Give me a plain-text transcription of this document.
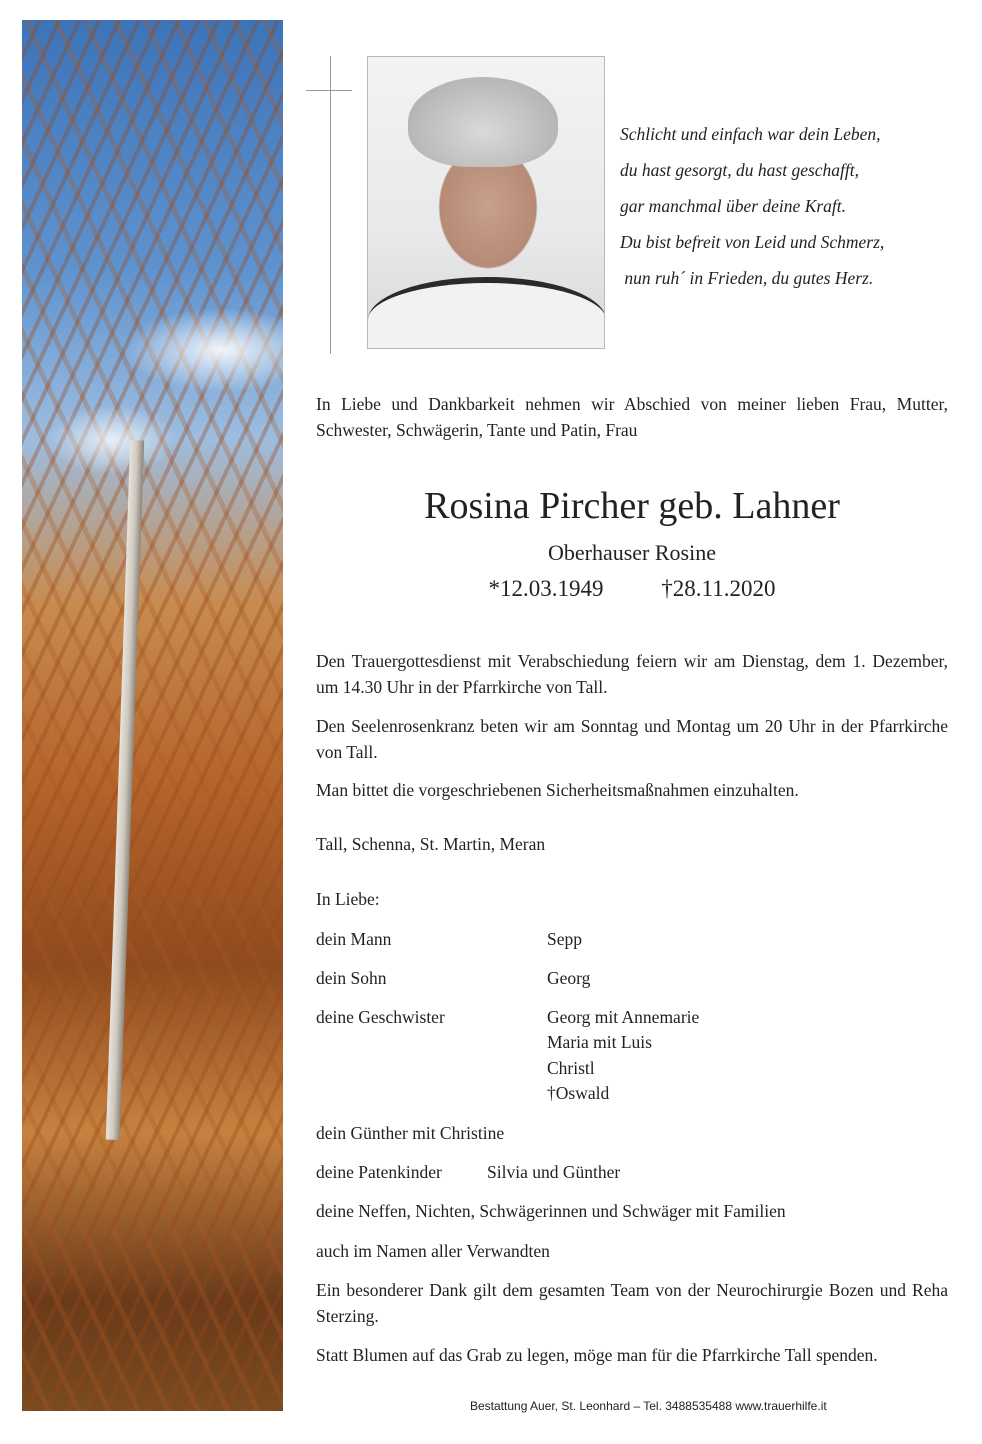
Schlicht und einfach war dein Leben,
du hast gesorgt, du hast geschafft,
gar manchmal über deine Kraft.
Du bist befreit von Leid und Schmerz,
nun ruh´ in Frieden, du gutes Herz.
In Liebe und Dankbarkeit nehmen wir Abschied von meiner lieben Frau, Mutter, Schwester, Schwägerin, Tante und Patin, Frau
Rosina Pircher geb. Lahner
Oberhauser Rosine
*12.03.1949	†28.11.2020
Den Trauergottesdienst mit Verabschiedung feiern wir am Dienstag, dem 1. Dezember, um 14.30 Uhr in der Pfarrkirche von Tall.
Den Seelenrosenkranz beten wir am Sonntag und Montag um 20 Uhr in der Pfarrkirche von Tall.
Man bittet die vorgeschriebenen Sicherheitsmaßnahmen einzuhalten.
Tall, Schenna, St. Martin, Meran
In Liebe:
dein Mann	Sepp
dein Sohn	Georg
deine Geschwister	Georg mit Annemarie
Maria mit Luis
Christl
†Oswald
dein Günther mit Christine
deine Patenkinder	Silvia und Günther
deine Neffen, Nichten, Schwägerinnen und Schwäger mit Familien
auch im Namen aller Verwandten
Ein besonderer Dank gilt dem gesamten Team von der Neurochirurgie Bozen und Reha Sterzing.
Statt Blumen auf das Grab zu legen, möge man für die Pfarrkirche Tall spenden.
Bestattung Auer, St. Leonhard – Tel. 3488535488 www.trauerhilfe.it
